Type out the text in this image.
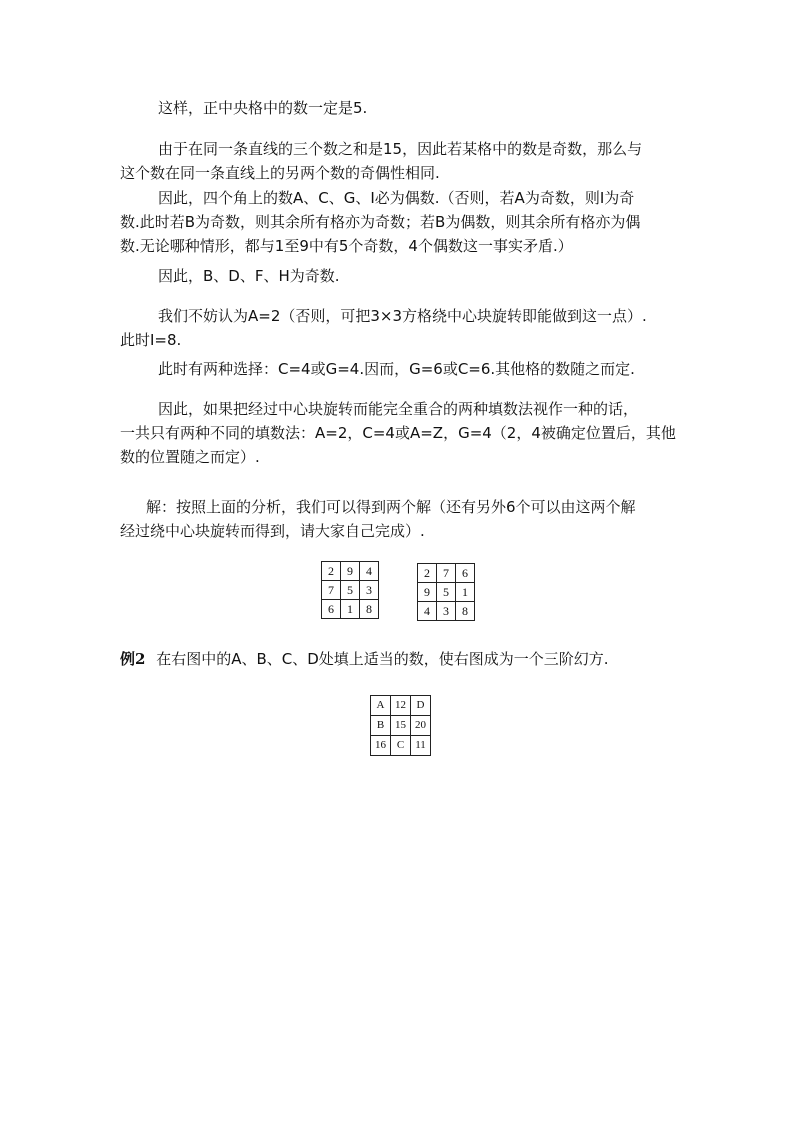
这样，正中央格中的数一定是5.

由于在同一条直线的三个数之和是15，因此若某格中的数是奇数，那么与
这个数在同一条直线上的另两个数的奇偶性相同.

因此，四个角上的数A、C、G、I必为偶数.（否则，若A为奇数，则I为奇
数.此时若B为奇数，则其余所有格亦为奇数；若B为偶数，则其余所有格亦为偶
数.无论哪种情形，都与1至9中有5个奇数，4个偶数这一事实矛盾.）

因此，B、D、F、H为奇数.

我们不妨认为A=2（否则，可把3×3方格绕中心块旋转即能做到这一点）.
此时I=8.

此时有两种选择：C=4或G=4.因而，G=6或C=6.其他格的数随之而定.

因此，如果把经过中心块旋转而能完全重合的两种填数法视作一种的话，
一共只有两种不同的填数法：A=2，C=4或A=Z，G=4（2，4被确定位置后，其他
数的位置随之而定）.

解：按照上面的分析，我们可以得到两个解（还有另外6个可以由这两个解
经过绕中心块旋转而得到，请大家自己完成）.

2	9	4
7	5	3
6	1	8
2	7	6
9	5	1
4	3	8

例2 在右图中的A、B、C、D处填上适当的数，使右图成为一个三阶幻方.

A	12	D
B	15	20
16	C	11
